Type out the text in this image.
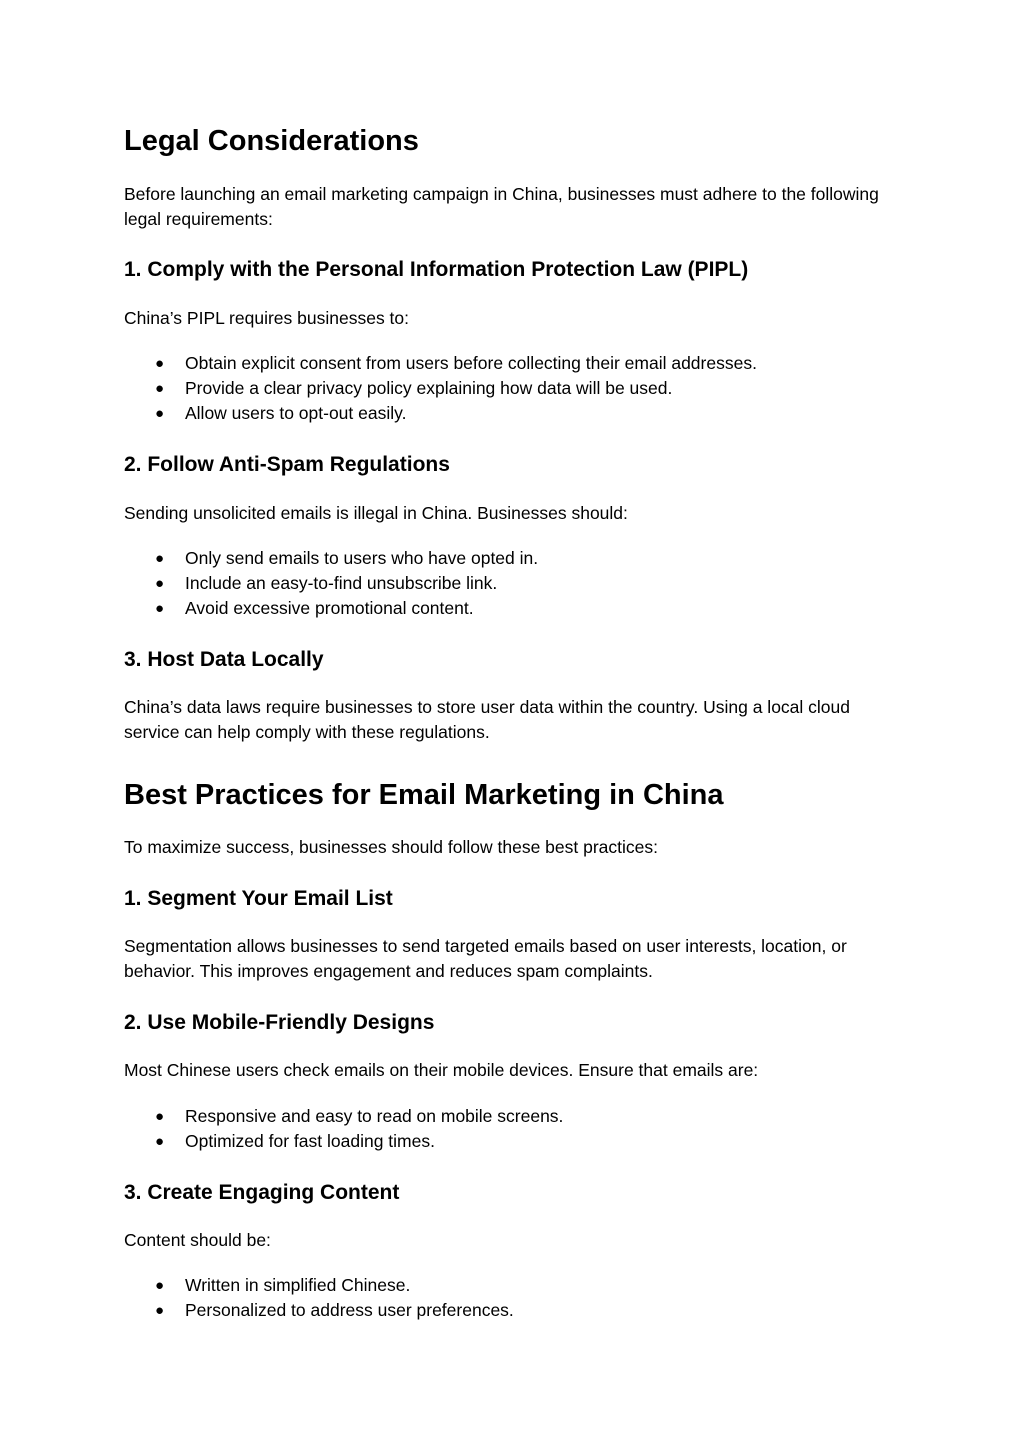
Legal Considerations

Before launching an email marketing campaign in China, businesses must adhere to the following legal requirements:

1. Comply with the Personal Information Protection Law (PIPL)

China’s PIPL requires businesses to:

● Obtain explicit consent from users before collecting their email addresses.
● Provide a clear privacy policy explaining how data will be used.
● Allow users to opt-out easily.
2. Follow Anti-Spam Regulations

Sending unsolicited emails is illegal in China. Businesses should:

● Only send emails to users who have opted in.
● Include an easy-to-find unsubscribe link.
● Avoid excessive promotional content.
3. Host Data Locally

China’s data laws require businesses to store user data within the country. Using a local cloud service can help comply with these regulations.

Best Practices for Email Marketing in China

To maximize success, businesses should follow these best practices:

1. Segment Your Email List

Segmentation allows businesses to send targeted emails based on user interests, location, or behavior. This improves engagement and reduces spam complaints.

2. Use Mobile-Friendly Designs

Most Chinese users check emails on their mobile devices. Ensure that emails are:

● Responsive and easy to read on mobile screens.
● Optimized for fast loading times.
3. Create Engaging Content

Content should be:

● Written in simplified Chinese.
● Personalized to address user preferences.
